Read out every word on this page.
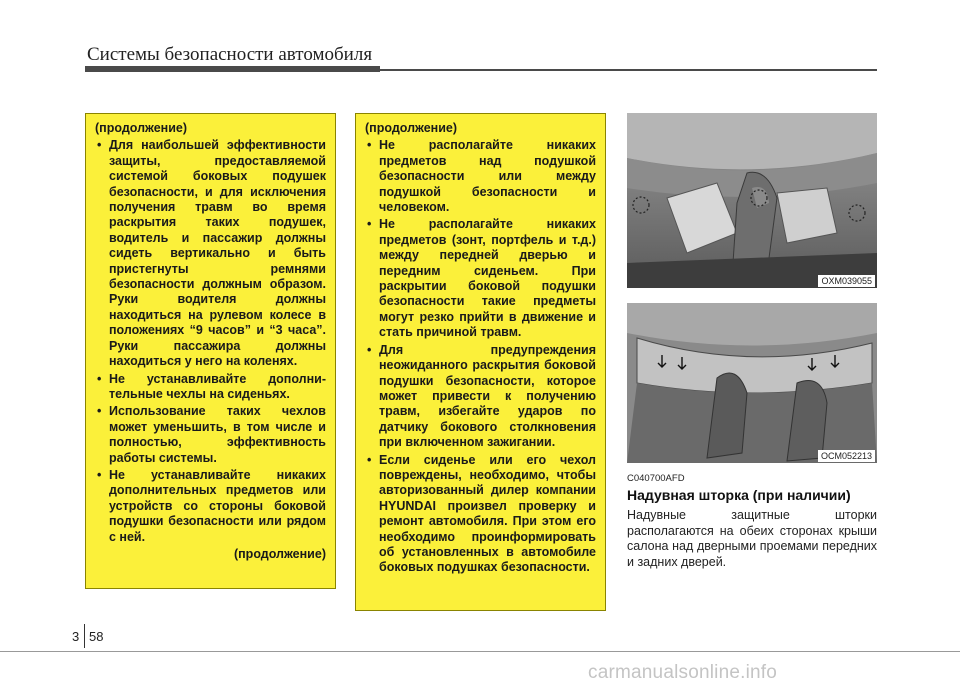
Системы безопасности автомобиля
(продолжение)
• Для наибольшей эффективности защиты, предоставляемой системой боковых подушек безопасности, и для исключения получения травм во время раскрытия таких подушек, водитель и пассажир должны сидеть вертикально и быть пристегнуты ремнями безопасности должным образом. Руки водителя должны находиться на рулевом колесе в положениях “9 часов” и “3 часа”. Руки пассажира должны находиться у него на коленях.
• Не устанавливайте дополнительные чехлы на сиденьях.
• Использование таких чехлов может уменьшить, в том числе и полностью, эффективность работы системы.
• Не устанавливайте никаких дополнительных предметов или устройств со стороны боковой подушки безопасности или рядом с ней.
(продолжение)
(продолжение)
• Не располагайте никаких предметов над подушкой безопасности или между подушкой безопасности и человеком.
• Не располагайте никаких предметов (зонт, портфель и т.д.) между передней дверью и передним сиденьем. При раскрытии боковой подушки безопасности такие предметы могут резко прийти в движение и стать причиной травм.
• Для предупреждения неожиданного раскрытия боковой подушки безопасности, которое может привести к получению травм, избегайте ударов по датчику бокового столкновения при включенном зажигании.
• Если сиденье или его чехол повреждены, необходимо, чтобы авторизованный дилер компании HYUNDAI произвел проверку и ремонт автомобиля. При этом его необходимо проинформировать об установленных в автомобиле боковых подушках безопасности.
OXM039055
OCM052213
C040700AFD
Надувная шторка (при наличии)
Надувные защитные шторки располагаются на обеих сторонах крыши салона над дверными проемами передних и задних дверей.
3 58
carmanualsonline.info
